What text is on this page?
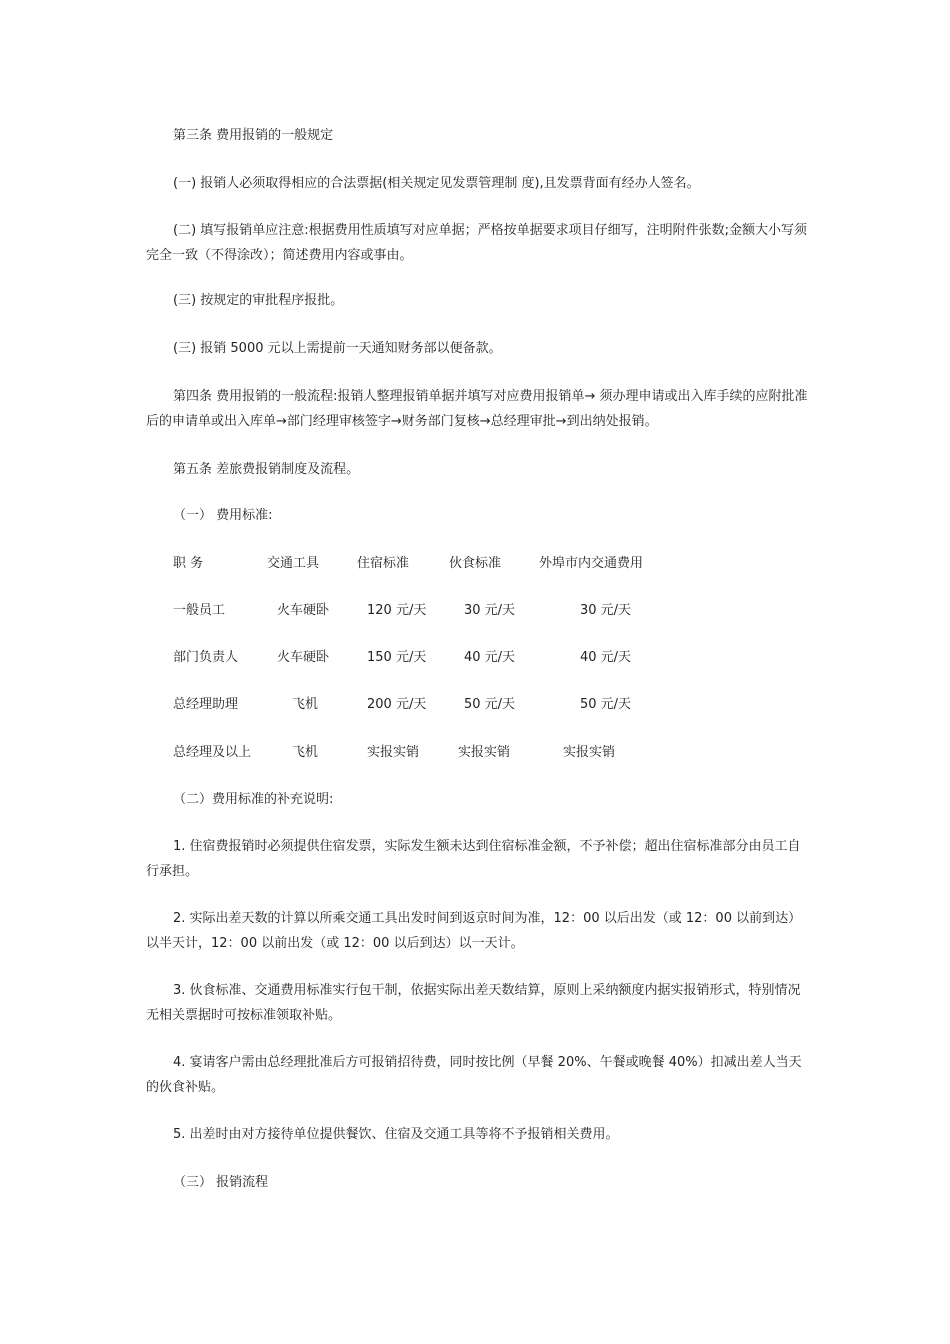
第三条 费用报销的一般规定

(一) 报销人必须取得相应的合法票据(相关规定见发票管理制 度),且发票背面有经办人签名。

(二) 填写报销单应注意:根据费用性质填写对应单据；严格按单据要求项目仔细写，注明附件张数;金额大小写须完全一致（不得涂改）；简述费用内容或事由。

(三) 按规定的审批程序报批。

(三) 报销 5000 元以上需提前一天通知财务部以便备款。

第四条 费用报销的一般流程:报销人整理报销单据并填写对应费用报销单→ 须办理申请或出入库手续的应附批准后的申请单或出入库单→部门经理审核签字→财务部门复核→总经理审批→到出纳处报销。

第五条 差旅费报销制度及流程。

（一） 费用标准:

职 务	交通工具	住宿标准	伙食标准	外埠市内交通费用
一般员工	火车硬卧	120 元/天	30 元/天	30 元/天
部门负责人	火车硬卧	150 元/天	40 元/天	40 元/天
总经理助理	飞机	200 元/天	50 元/天	50 元/天
总经理及以上	飞机	实报实销	实报实销	实报实销

（二）费用标准的补充说明:

1. 住宿费报销时必须提供住宿发票，实际发生额未达到住宿标准金额，不予补偿；超出住宿标准部分由员工自行承担。

2. 实际出差天数的计算以所乘交通工具出发时间到返京时间为准，12：00 以后出发（或 12：00 以前到达）以半天计，12：00 以前出发（或 12：00 以后到达）以一天计。

3. 伙食标准、交通费用标准实行包干制，依据实际出差天数结算，原则上采纳额度内据实报销形式，特别情况无相关票据时可按标准领取补贴。

4. 宴请客户需由总经理批准后方可报销招待费，同时按比例（早餐 20%、午餐或晚餐 40%）扣减出差人当天的伙食补贴。

5. 出差时由对方接待单位提供餐饮、住宿及交通工具等将不予报销相关费用。

（三） 报销流程
